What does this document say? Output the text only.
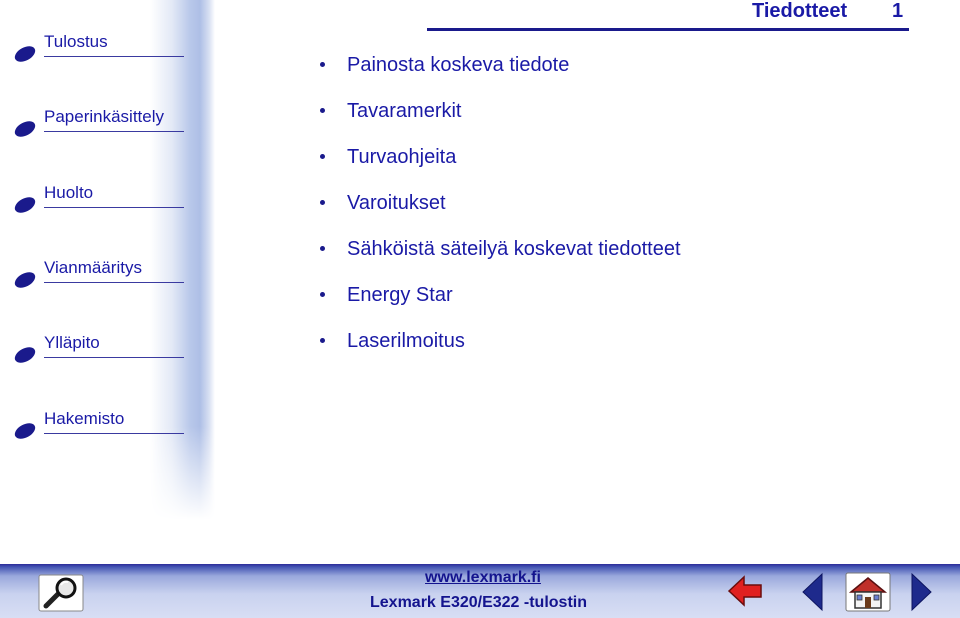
Tulostus
Paperinkäsittely
Huolto
Vianmääritys
Ylläpito
Hakemisto
Tiedotteet 1
Painosta koskeva tiedote
Tavaramerkit
Turvaohjeita
Varoitukset
Sähköistä säteilyä koskevat tiedotteet
Energy Star
Laserilmoitus
www.lexmark.fi
Lexmark E320/E322 -tulostin
